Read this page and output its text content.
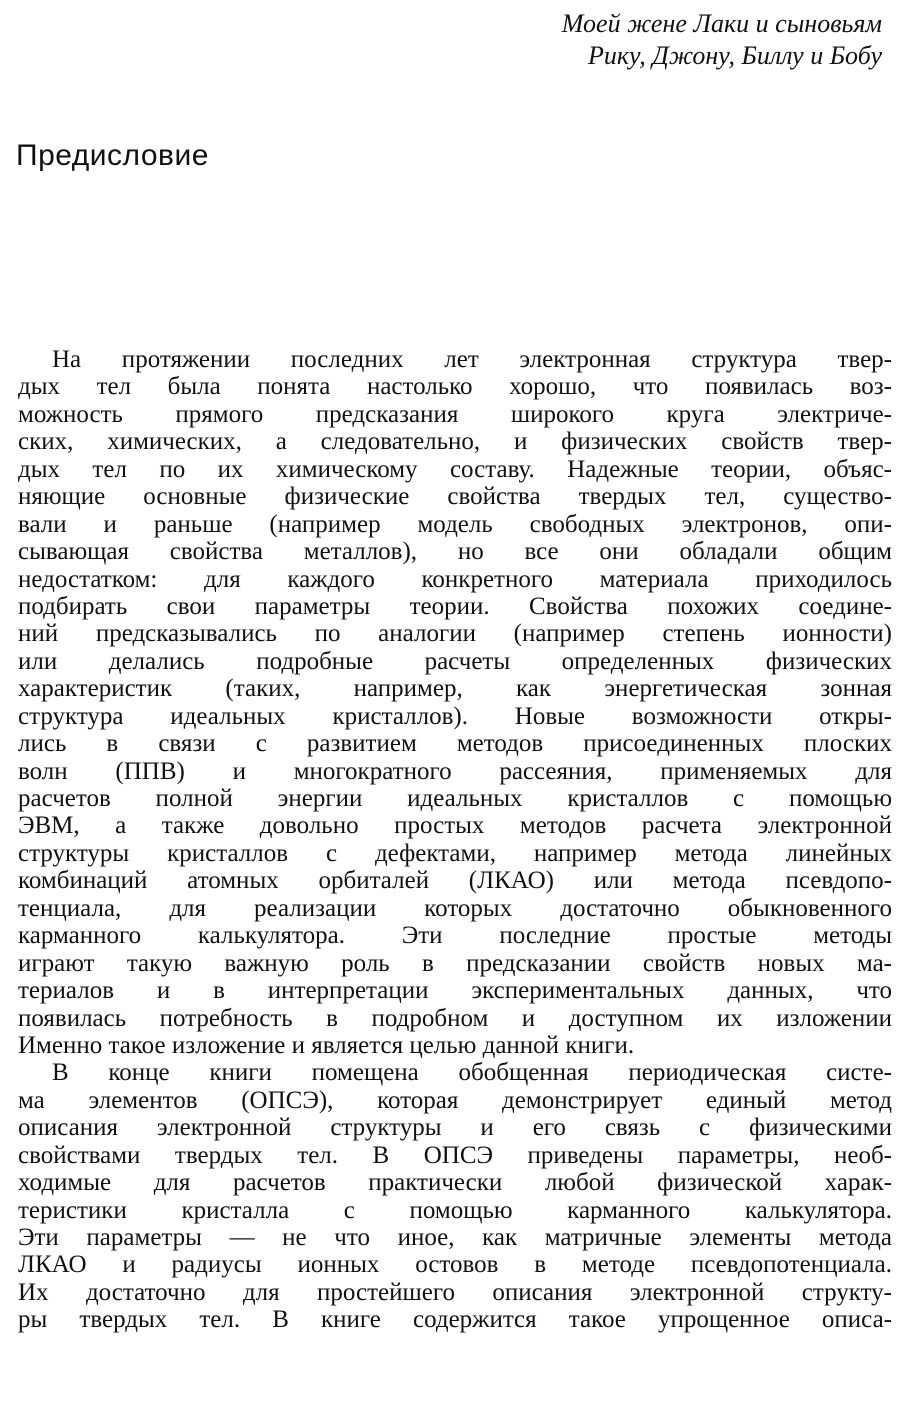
Моей жене Лаки и сыновьям
Рику, Джону, Биллу и Бобу
Предисловие
На протяжении последних лет электронная структура твер-
дых тел была понята настолько хорошо, что появилась воз-
можность прямого предсказания широкого круга электриче-
ских, химических, а следовательно, и физических свойств твер-
дых тел по их химическому составу. Надежные теории, объяс-
няющие основные физические свойства твердых тел, существо-
вали и раньше (например модель свободных электронов, опи-
сывающая свойства металлов), но все они обладали общим
недостатком: для каждого конкретного материала приходилось
подбирать свои параметры теории. Свойства похожих соедине-
ний предсказывались по аналогии (например степень ионности)
или делались подробные расчеты определенных физических
характеристик (таких, например, как энергетическая зонная
структура идеальных кристаллов). Новые возможности откры-
лись в связи с развитием методов присоединенных плоских
волн (ППВ) и многократного рассеяния, применяемых для
расчетов полной энергии идеальных кристаллов с помощью
ЭВМ, а также довольно простых методов расчета электронной
структуры кристаллов с дефектами, например метода линейных
комбинаций атомных орбиталей (ЛКАО) или метода псевдопо-
тенциала, для реализации которых достаточно обыкновенного
карманного калькулятора. Эти последние простые методы
играют такую важную роль в предсказании свойств новых ма-
териалов и в интерпретации экспериментальных данных, что
появилась потребность в подробном и доступном их изложении
Именно такое изложение и является целью данной книги.
В конце книги помещена обобщенная периодическая систе-
ма элементов (ОПСЭ), которая демонстрирует единый метод
описания электронной структуры и его связь с физическими
свойствами твердых тел. В ОПСЭ приведены параметры, необ-
ходимые для расчетов практически любой физической харак-
теристики кристалла с помощью карманного калькулятора.
Эти параметры — не что иное, как матричные элементы метода
ЛКАО и радиусы ионных остовов в методе псевдопотенциала.
Их достаточно для простейшего описания электронной структу-
ры твердых тел. В книге содержится такое упрощенное описа-
